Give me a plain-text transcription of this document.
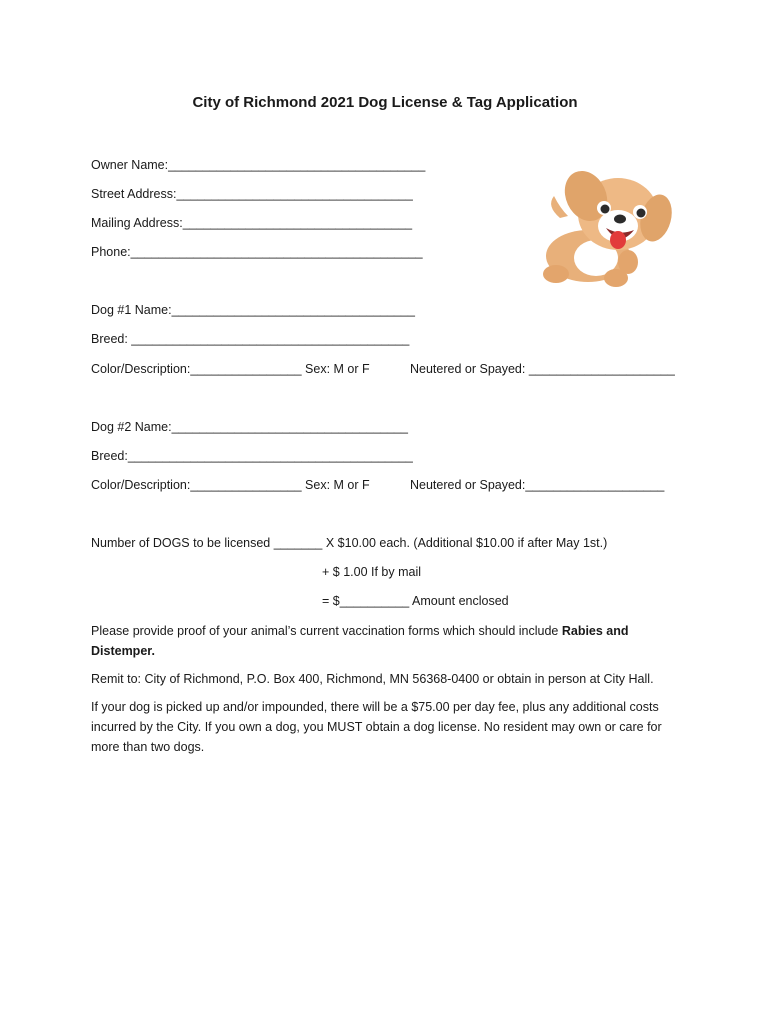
City of Richmond 2021 Dog License & Tag Application
Owner Name:_____________________________________
Street Address:__________________________________
Mailing Address:_________________________________
Phone:__________________________________________
Dog #1 Name:___________________________________
Breed: ________________________________________
Color/Description:________________ Sex: M or F	Neutered or Spayed: _____________________
Dog #2 Name:__________________________________
Breed:_________________________________________
Color/Description:________________ Sex: M or F	Neutered or Spayed:____________________
Number of DOGS to be licensed _______ X $10.00 each. (Additional $10.00 if after May 1st.)
+ $ 1.00 If by mail
= $__________ Amount enclosed
Please provide proof of your animal’s current vaccination forms which should include Rabies and Distemper.
Remit to: City of Richmond, P.O. Box 400, Richmond, MN 56368-0400 or obtain in person at City Hall.
If your dog is picked up and/or impounded, there will be a $75.00 per day fee, plus any additional costs incurred by the City. If you own a dog, you MUST obtain a dog license. No resident may own or care for more than two dogs.
